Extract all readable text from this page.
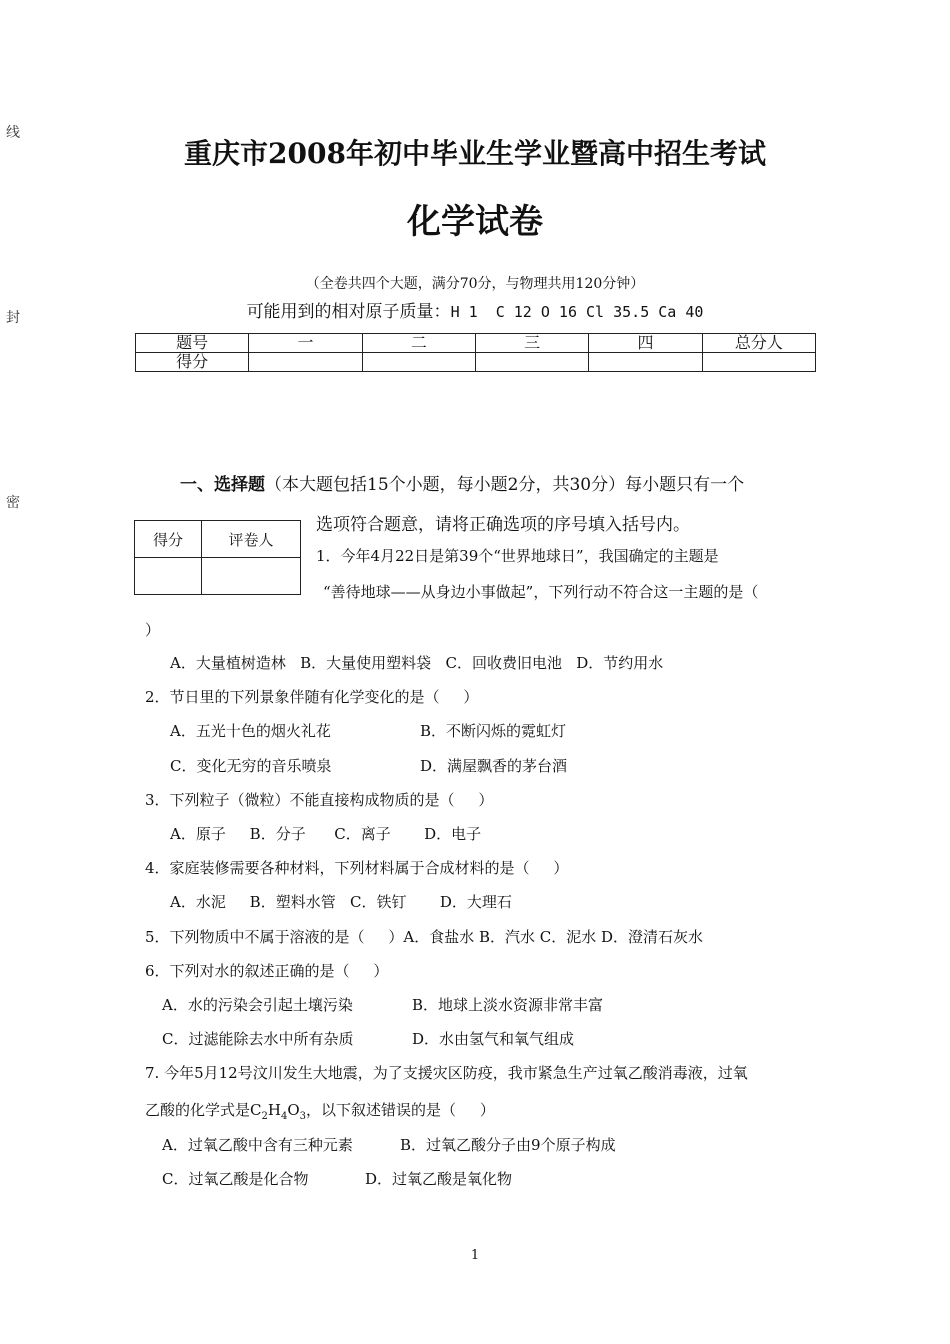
线
封
密
重庆市2008年初中毕业生学业暨高中招生考试
化学试卷
（全卷共四个大题，满分70分，与物理共用120分钟）
可能用到的相对原子质量：H 1  C 12 O 16 Cl 35.5 Ca 40
题号	一	二	三	四	总分人
得分					
一、选择题（本大题包括15个小题，每小题2分，共30分）每小题只有一个
得分	评卷人

选项符合题意，请将正确选项的序号填入括号内。
1．今年4月22日是第39个“世界地球日”，我国确定的主题是
“善待地球——从身边小事做起”，下列行动不符合这一主题的是（
）
A．大量植树造林   B．大量使用塑料袋   C．回收费旧电池   D．节约用水
2．节日里的下列景象伴随有化学变化的是（     ）
A．五光十色的烟火礼花	B．不断闪烁的霓虹灯
C．变化无穷的音乐喷泉	D．满屋飘香的茅台酒
3．下列粒子（微粒）不能直接构成物质的是（     ）
A．原子     B．分子      C．离子       D．电子
4．家庭装修需要各种材料，下列材料属于合成材料的是（     ）
A．水泥     B．塑料水管   C．铁钉       D．大理石
5．下列物质中不属于溶液的是（     ）A．食盐水 B．汽水 C．泥水 D．澄清石灰水
6．下列对水的叙述正确的是（     ）
A．水的污染会引起土壤污染	B．地球上淡水资源非常丰富
C．过滤能除去水中所有杂质	D．水由氢气和氧气组成
7. 今年5月12号汶川发生大地震，为了支援灾区防疫，我市紧急生产过氧乙酸消毒液，过氧
乙酸的化学式是$C_2H_4O_3$，以下叙述错误的是（     ）
A．过氧乙酸中含有三种元素	B．过氧乙酸分子由9个原子构成
C．过氧乙酸是化合物	D．过氧乙酸是氧化物
1
